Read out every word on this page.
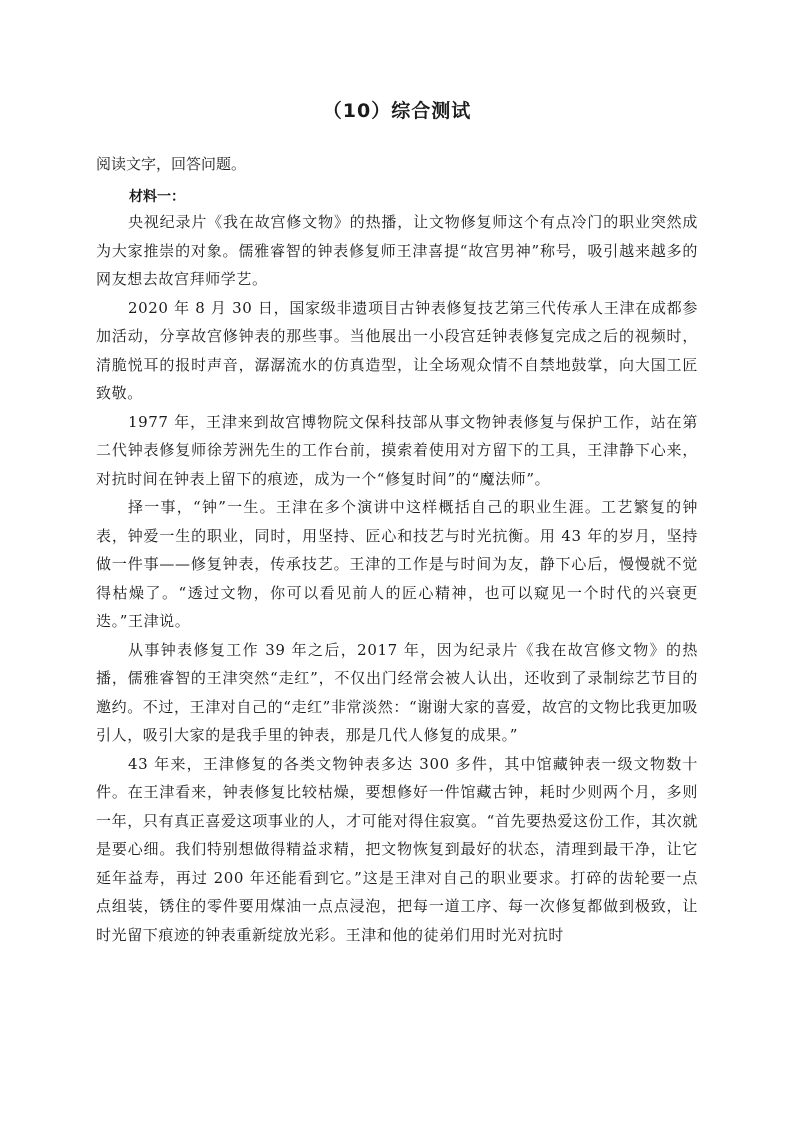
（10）综合测试
阅读文字，回答问题。
材料一：

央视纪录片《我在故宫修文物》的热播，让文物修复师这个有点冷门的职业突然成为大家推崇的对象。儒雅睿智的钟表修复师王津喜提“故宫男神”称号，吸引越来越多的网友想去故宫拜师学艺。

2020 年 8 月 30 日，国家级非遗项目古钟表修复技艺第三代传承人王津在成都参加活动，分享故宫修钟表的那些事。当他展出一小段宫廷钟表修复完成之后的视频时，清脆悦耳的报时声音，潺潺流水的仿真造型，让全场观众情不自禁地鼓掌，向大国工匠致敬。

1977 年，王津来到故宫博物院文保科技部从事文物钟表修复与保护工作，站在第二代钟表修复师徐芳洲先生的工作台前，摸索着使用对方留下的工具，王津静下心来，对抗时间在钟表上留下的痕迹，成为一个“修复时间”的“魔法师”。

择一事，“钟”一生。王津在多个演讲中这样概括自己的职业生涯。工艺繁复的钟表，钟爱一生的职业，同时，用坚持、匠心和技艺与时光抗衡。用 43 年的岁月，坚持做一件事——修复钟表，传承技艺。王津的工作是与时间为友，静下心后，慢慢就不觉得枯燥了。“透过文物，你可以看见前人的匠心精神，也可以窥见一个时代的兴衰更迭。”王津说。

从事钟表修复工作 39 年之后，2017 年，因为纪录片《我在故宫修文物》的热播，儒雅睿智的王津突然“走红”，不仅出门经常会被人认出，还收到了录制综艺节目的邀约。不过，王津对自己的“走红”非常淡然：“谢谢大家的喜爱，故宫的文物比我更加吸引人，吸引大家的是我手里的钟表，那是几代人修复的成果。”

43 年来，王津修复的各类文物钟表多达 300 多件，其中馆藏钟表一级文物数十件。在王津看来，钟表修复比较枯燥，要想修好一件馆藏古钟，耗时少则两个月，多则一年，只有真正喜爱这项事业的人，才可能对得住寂寞。“首先要热爱这份工作，其次就是要心细。我们特别想做得精益求精，把文物恢复到最好的状态，清理到最干净，让它延年益寿，再过 200 年还能看到它。”这是王津对自己的职业要求。打碎的齿轮要一点点组装，锈住的零件要用煤油一点点浸泡，把每一道工序、每一次修复都做到极致，让时光留下痕迹的钟表重新绽放光彩。王津和他的徒弟们用时光对抗时
